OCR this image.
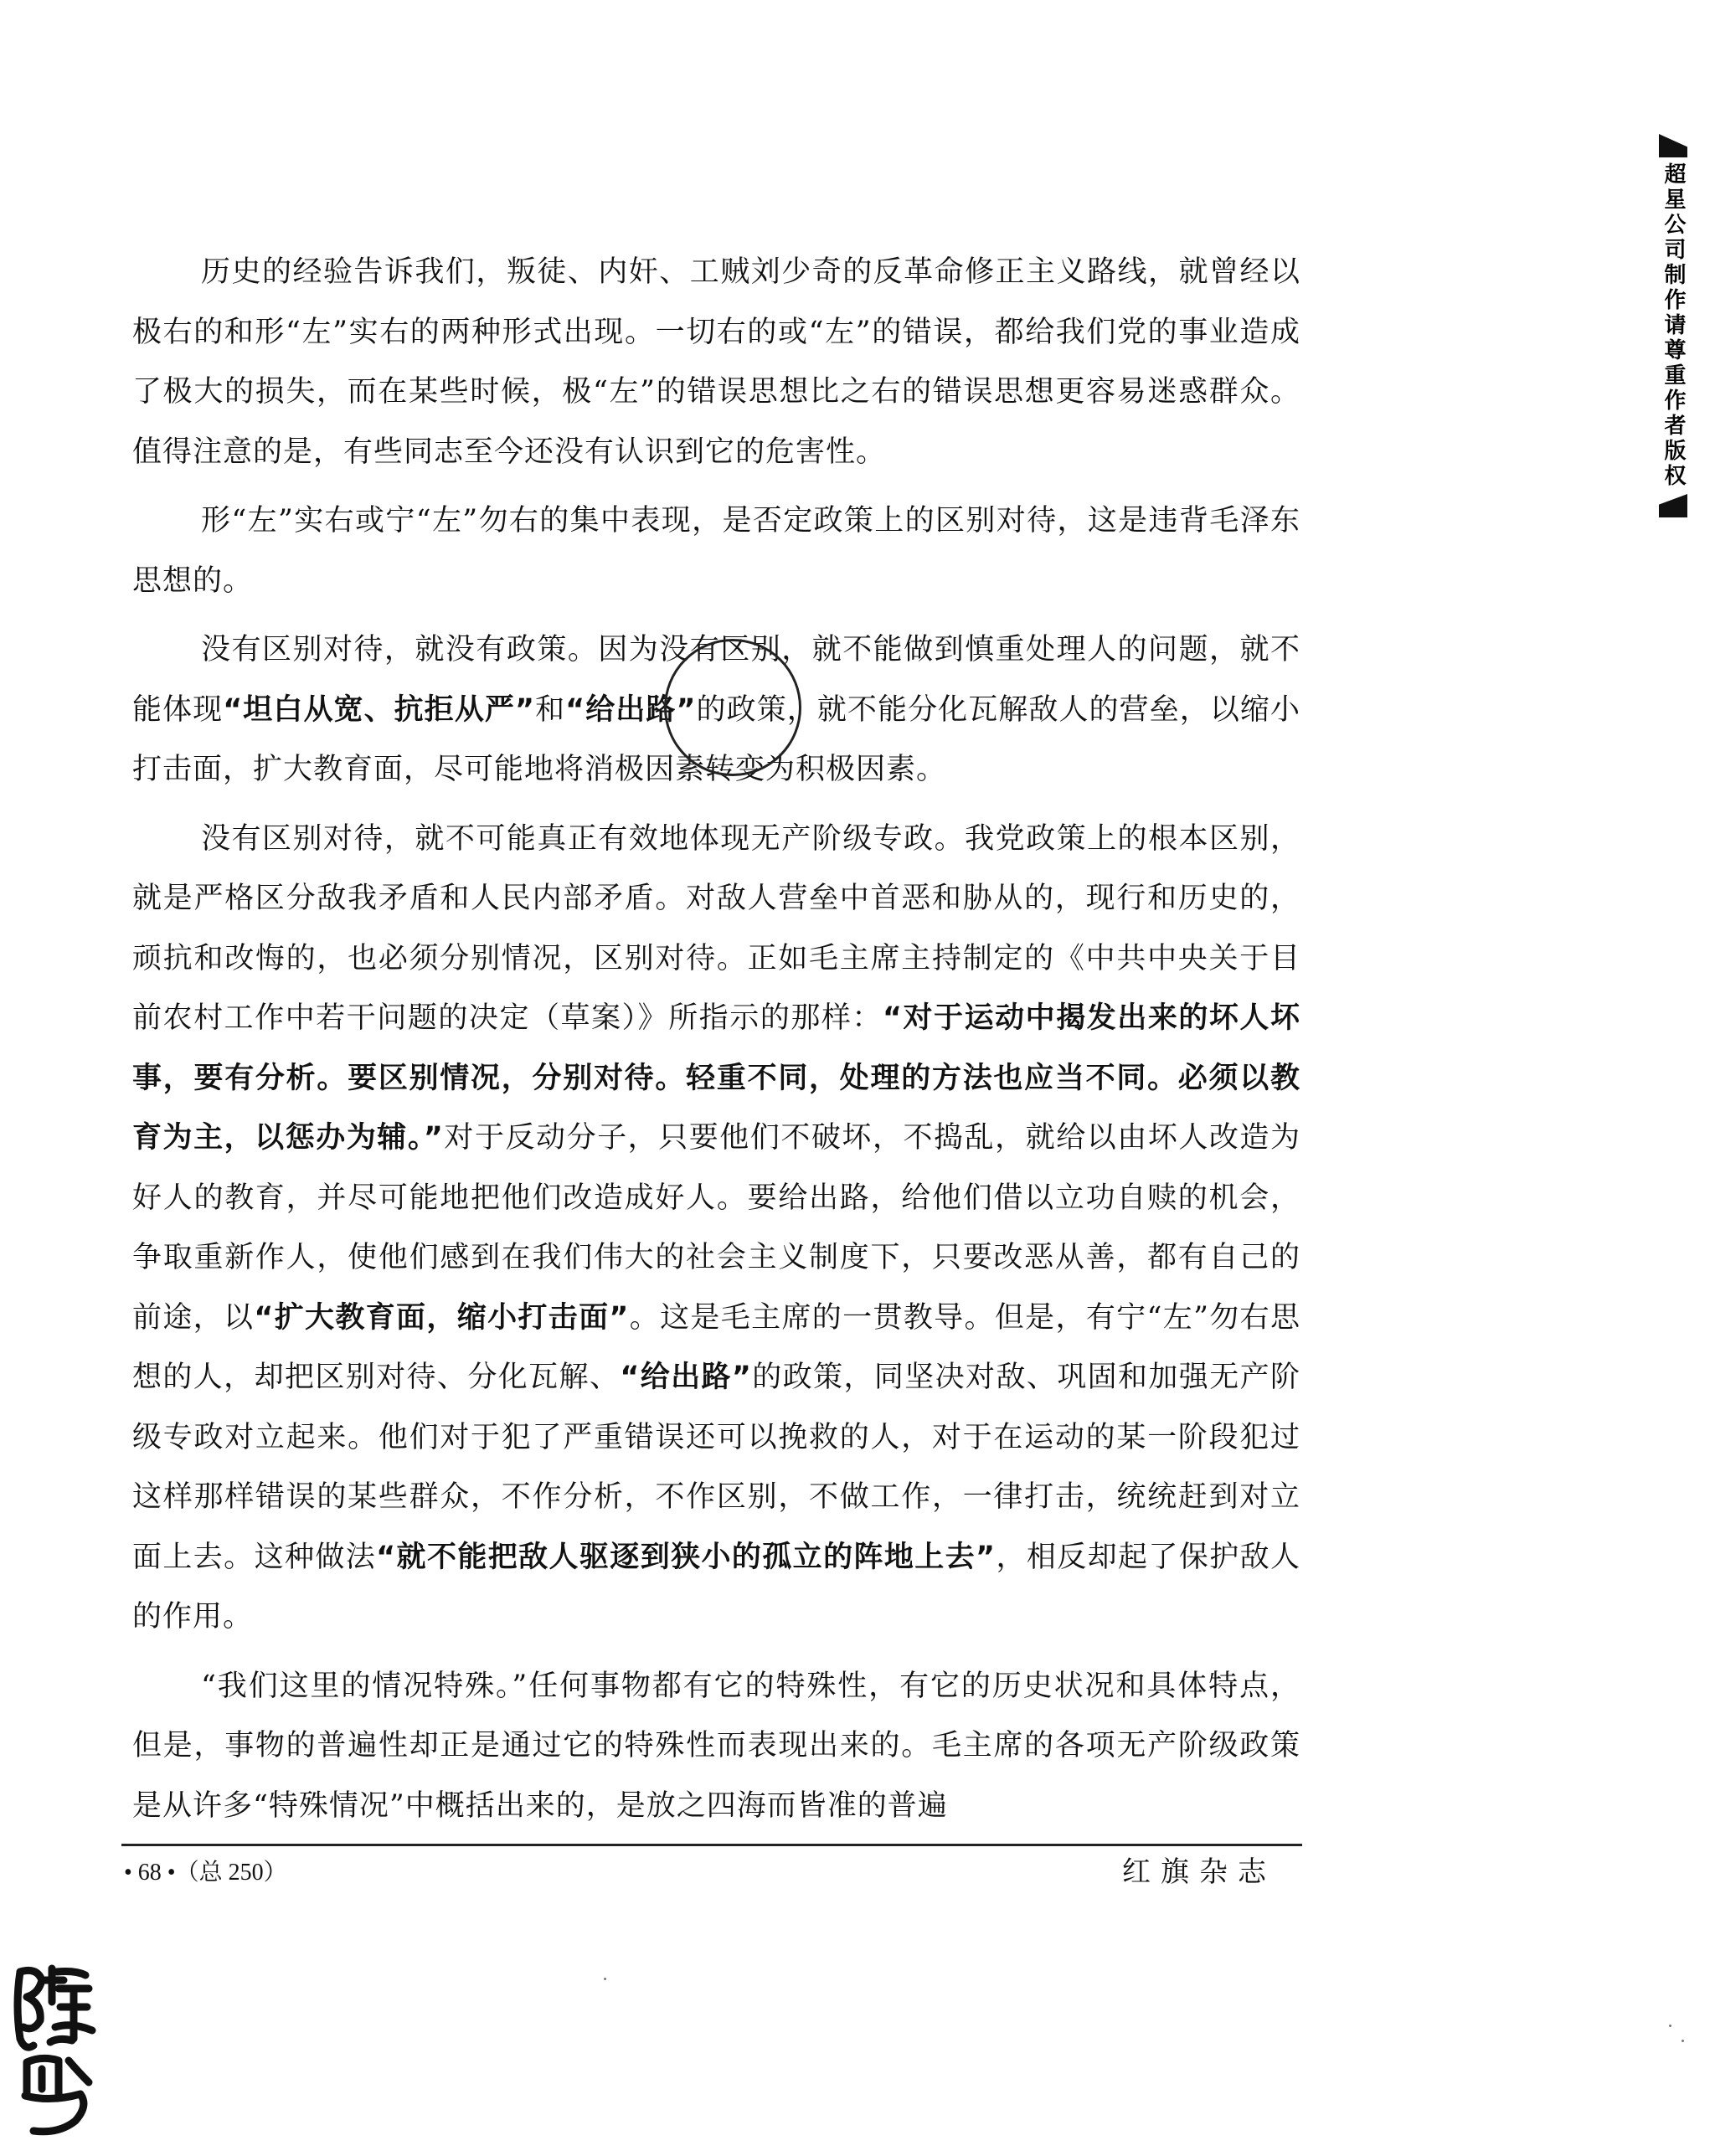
历史的经验告诉我们，叛徒、内奸、工贼刘少奇的反革命修正主义路线，就曾经以极右的和形“左”实右的两种形式出现。一切右的或“左”的错误，都给我们党的事业造成了极大的损失，而在某些时候，极“左”的错误思想比之右的错误思想更容易迷惑群众。值得注意的是，有些同志至今还没有认识到它的危害性。

形“左”实右或宁“左”勿右的集中表现，是否定政策上的区别对待，这是违背毛泽东思想的。

没有区别对待，就没有政策。因为没有区别，就不能做到慎重处理人的问题，就不能体现“坦白从宽、抗拒从严”和“给出路”的政策，就不能分化瓦解敌人的营垒，以缩小打击面，扩大教育面，尽可能地将消极因素转变为积极因素。

没有区别对待，就不可能真正有效地体现无产阶级专政。我党政策上的根本区别，就是严格区分敌我矛盾和人民内部矛盾。对敌人营垒中首恶和胁从的，现行和历史的，顽抗和改悔的，也必须分别情况，区别对待。正如毛主席主持制定的《中共中央关于目前农村工作中若干问题的决定（草案）》所指示的那样：“对于运动中揭发出来的坏人坏事，要有分析。要区别情况，分别对待。轻重不同，处理的方法也应当不同。必须以教育为主，以惩办为辅。”对于反动分子，只要他们不破坏，不捣乱，就给以由坏人改造为好人的教育，并尽可能地把他们改造成好人。要给出路，给他们借以立功自赎的机会，争取重新作人，使他们感到在我们伟大的社会主义制度下，只要改恶从善，都有自己的前途，以“扩大教育面，缩小打击面”。这是毛主席的一贯教导。但是，有宁“左”勿右思想的人，却把区别对待、分化瓦解、“给出路”的政策，同坚决对敌、巩固和加强无产阶级专政对立起来。他们对于犯了严重错误还可以挽救的人，对于在运动的某一阶段犯过这样那样错误的某些群众，不作分析，不作区别，不做工作，一律打击，统统赶到对立面上去。这种做法“就不能把敌人驱逐到狭小的孤立的阵地上去”，相反却起了保护敌人的作用。

“我们这里的情况特殊。”任何事物都有它的特殊性，有它的历史状况和具体特点，但是，事物的普遍性却正是通过它的特殊性而表现出来的。毛主席的各项无产阶级政策是从许多“特殊情况”中概括出来的，是放之四海而皆准的普遍

• 68 •（总 250）	红旗杂志
超星公司制作请尊重作者版权
